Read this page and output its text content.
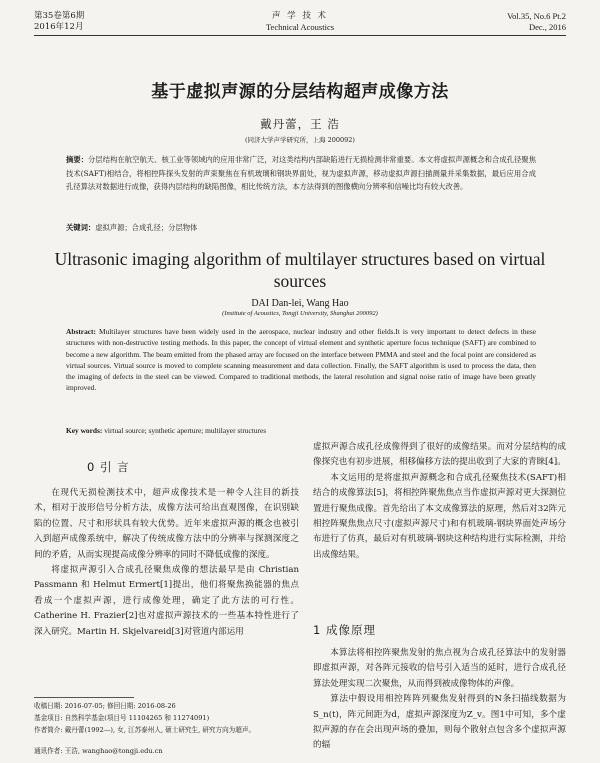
第35卷第6期
2016年12月
声 学 技 术
Technical Acoustics
Vol.35, No.6 Pt.2
Dec., 2016
基于虚拟声源的分层结构超声成像方法
戴丹蕾，王 浩
(同济大学声学研究所，上海 200092)
摘要：分层结构在航空航天、核工业等领域内的应用非常广泛，对这类结构内部缺陷进行无损检测非常重要。本文将虚拟声源概念和合成孔径聚焦技术(SAFT)相结合，将相控阵探头发射的声束聚焦在有机玻璃和钢块界面处，视为虚拟声源，移动虚拟声源扫描测量并采集数据，最后应用合成孔径算法对数据进行成像，获得内层结构的缺陷图像，相比传统方法，本方法得到的图像横向分辨率和信噪比均有较大改善。
关键词：虚拟声源；合成孔径；分层物体
Ultrasonic imaging algorithm of multilayer structures based on virtual sources
DAI Dan-lei, Wang Hao
(Institute of Acoustics, Tongji University, Shanghai 200092)
Abstract: Multilayer structures have been widely used in the aerospace, nuclear industry and other fields.It is very important to detect defects in these structures with non-destructive testing methods. In this paper, the concept of virtual element and synthetic aperture focus technique (SAFT) are combined to become a new algorithm. The beam emitted from the phased array are focused on the interface between PMMA and steel and the focal point are considered as virtual sources. Virtual source is moved to complete scanning measurement and data collection. Finally, the SAFT algorithm is used to process the data, then the imaging of defects in the steel can be viewed. Compared to traditional methods, the lateral resolution and signal noise ratio of image have been greatly improved.
Key words: virtual source; synthetic aperture; multilayer structures
0 引 言

在现代无损检测技术中，超声成像技术是一种令人注目的新技术，相对于波形信号分析方法，成像方法可给出直观图像，在识别缺陷的位置、尺寸和形状具有较大优势。近年来虚拟声源的概念也被引入到超声成像系统中，解决了传统成像方法中的分辨率与探测深度之间的矛盾，从而实现提高成像分辨率的同时不降低成像的深度。

将虚拟声源引入合成孔径聚焦成像的想法最早是由 Christian Passmann 和 Helmut Ermert[1]提出，他们将聚焦换能器的焦点看成一个虚拟声源，进行成像处理，确定了此方法的可行性。Catherine H. Frazier[2]也对虚拟声源技术的一些基本特性进行了深入研究。Martin H. Skjelvareid[3]对管道内部运用

收稿日期: 2016-07-05; 修回日期: 2016-08-26
基金项目: 自然科学基金(项目号 11104265 和 11274091)
作者简介: 戴丹蕾(1992—), 女, 江苏泰州人, 硕士研究生, 研究方向为超声。
通讯作者: 王浩, wanghao@tongji.edu.cn

虚拟声源合成孔径成像得到了很好的成像结果。而对分层结构的成像探究也有初步进展，相移偏移方法的提出收到了大家的青睐[4]。

本文运用的是将虚拟声源概念和合成孔径聚焦技术(SAFT)相结合的成像算法[5]，将相控阵聚焦焦点当作虚拟声源对更大探测位置进行聚焦成像。首先给出了本文成像算法的原理，然后对32阵元相控阵聚焦焦点尺寸(虚拟声源尺寸)和有机玻璃-钢块界面处声场分布进行了仿真，最后对有机玻璃-钢块这种结构进行实际检测，并给出成像结果。

1 成像原理

本算法将相控阵聚焦发射的焦点视为合成孔径算法中的发射器即虚拟声源，对各阵元接收的信号引入适当的延时，进行合成孔径算法处理实现二次聚焦，从而得到被成像物体的声像。

算法中假设用相控阵阵列聚焦发射得到的N条扫描线数据为S_n(t)，阵元间距为d，虚拟声源深度为Z_v。图1中可知，多个虚拟声源的存在会出现声场的叠加，则每个散射点包含多个虚拟声源的辐
